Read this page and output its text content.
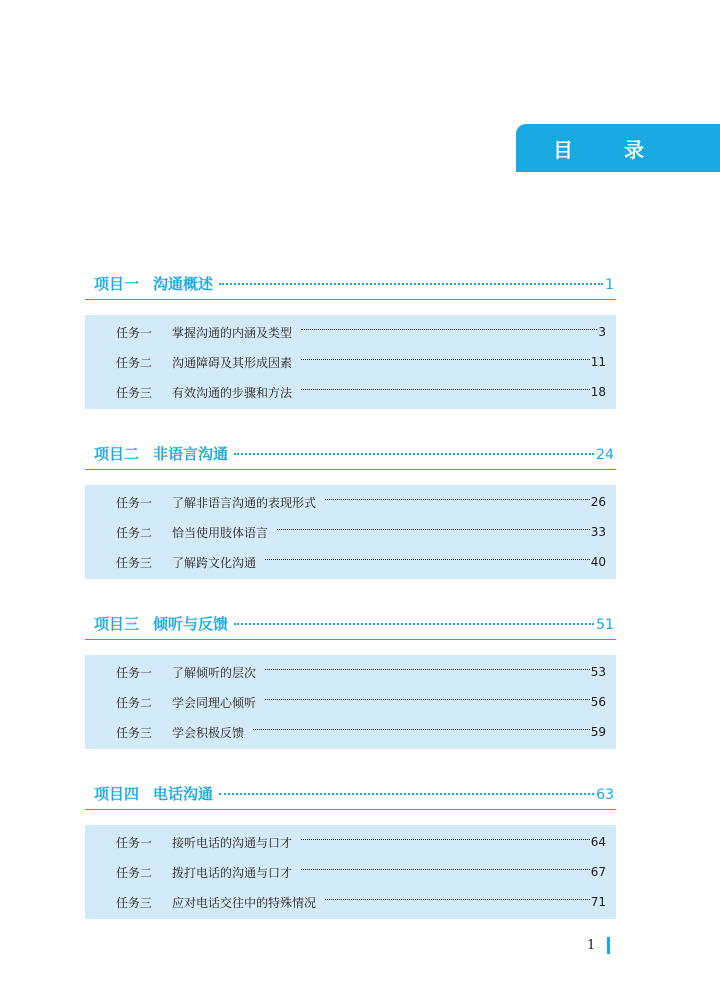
目 录
项目一 沟通概述	1
任务一	掌握沟通的内涵及类型	3
任务二	沟通障碍及其形成因素	11
任务三	有效沟通的步骤和方法	18
项目二 非语言沟通	24
任务一	了解非语言沟通的表现形式	26
任务二	恰当使用肢体语言	33
任务三	了解跨文化沟通	40
项目三 倾听与反馈	51
任务一	了解倾听的层次	53
任务二	学会同理心倾听	56
任务三	学会积极反馈	59
项目四 电话沟通	63
任务一	接听电话的沟通与口才	64
任务二	拨打电话的沟通与口才	67
任务三	应对电话交往中的特殊情况	71
1
